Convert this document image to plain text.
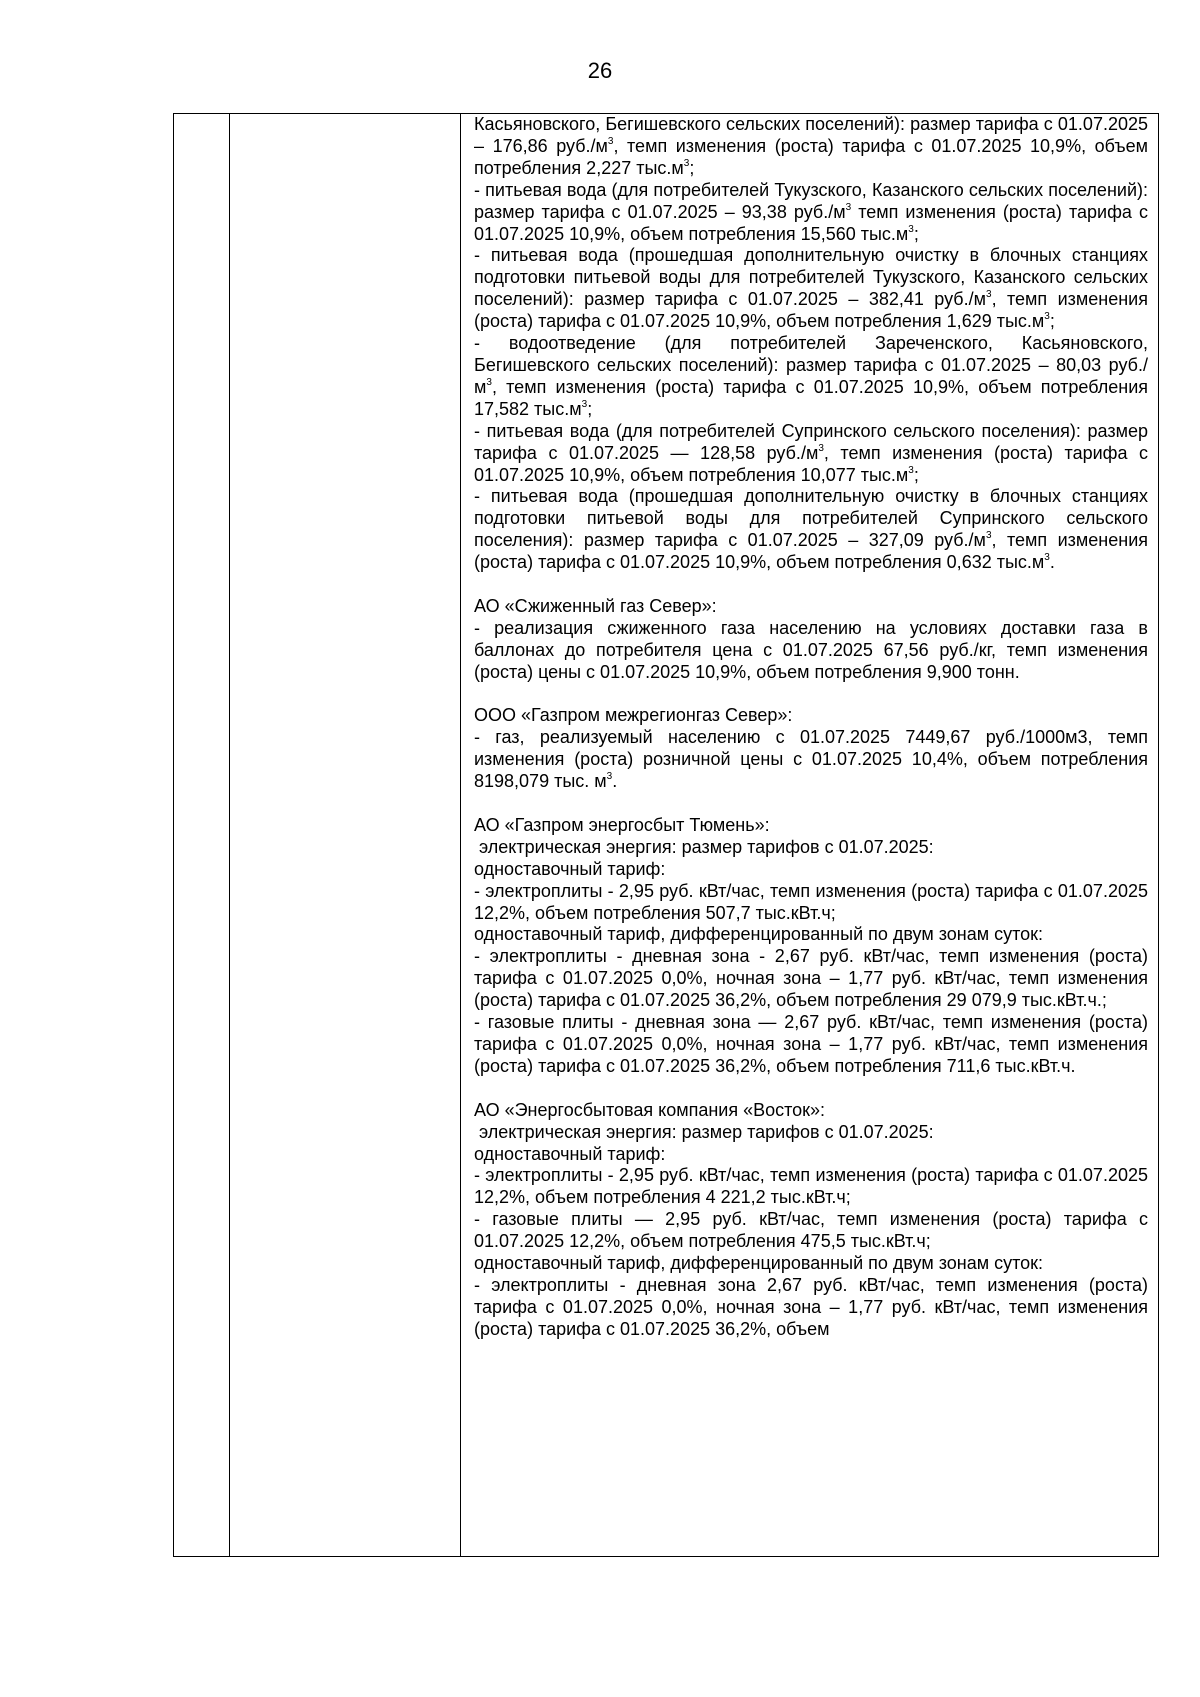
26
Касьяновского, Бегишевского сельских поселений): размер тарифа с 01.07.2025 – 176,86 $руб./м^3$, темп изменения (роста) тарифа с 01.07.2025 10,9%, объем потребления 2,227 $тыс.м^3$;
- питьевая вода (для потребителей Тукузского, Казанского сельских поселений): размер тарифа с 01.07.2025 – 93,38 $руб./м^3$ темп изменения (роста) тарифа с 01.07.2025 10,9%, объем потребления 15,560 $тыс.м^3$;
- питьевая вода (прошедшая дополнительную очистку в блочных станциях подготовки питьевой воды для потребителей Тукузского, Казанского сельских поселений): размер тарифа с 01.07.2025 – 382,41 $руб./м^3$, темп изменения (роста) тарифа с 01.07.2025 10,9%, объем потребления 1,629 $тыс.м^3$;
- водоотведение (для потребителей Зареченского, Касьяновского, Бегишевского сельских поселений): размер тарифа с 01.07.2025 – 80,03 $руб./м^3$, темп изменения (роста) тарифа с 01.07.2025 10,9%, объем потребления 17,582 $тыс.м^3$;
- питьевая вода (для потребителей Супринского сельского поселения): размер тарифа с 01.07.2025 — 128,58 $руб./м^3$, темп изменения (роста) тарифа с 01.07.2025 10,9%, объем потребления 10,077 $тыс.м^3$;
- питьевая вода (прошедшая дополнительную очистку в блочных станциях подготовки питьевой воды для потребителей Супринского сельского поселения): размер тарифа с 01.07.2025 – 327,09 $руб./м^3$, темп изменения (роста) тарифа с 01.07.2025 10,9%, объем потребления 0,632 $тыс.м^3$.
АО «Сжиженный газ Север»:
- реализация сжиженного газа населению на условиях доставки газа в баллонах до потребителя цена с 01.07.2025 67,56 руб./кг, темп изменения (роста) цены с 01.07.2025 10,9%, объем потребления 9,900 тонн.
ООО «Газпром межрегионгаз Север»:
- газ, реализуемый населению с 01.07.2025 7449,67 руб./1000м3, темп изменения (роста) розничной цены с 01.07.2025 10,4%, объем потребления 8198,079 тыс. $м^3$.
АО «Газпром энергосбыт Тюмень»:
электрическая энергия: размер тарифов с 01.07.2025:
одноставочный тариф:
- электроплиты - 2,95 руб. кВт/час, темп изменения (роста) тарифа с 01.07.2025 12,2%, объем потребления 507,7 тыс.кВт.ч;
одноставочный тариф, дифференцированный по двум зонам суток:
- электроплиты - дневная зона - 2,67 руб. кВт/час, темп изменения (роста) тарифа с 01.07.2025 0,0%, ночная зона – 1,77 руб. кВт/час, темп изменения (роста) тарифа с 01.07.2025 36,2%, объем потребления 29 079,9 тыс.кВт.ч.;
- газовые плиты - дневная зона — 2,67 руб. кВт/час, темп изменения (роста) тарифа с 01.07.2025 0,0%, ночная зона – 1,77 руб. кВт/час, темп изменения (роста) тарифа с 01.07.2025 36,2%, объем потребления 711,6 тыс.кВт.ч.
АО «Энергосбытовая компания «Восток»:
электрическая энергия: размер тарифов с 01.07.2025:
одноставочный тариф:
- электроплиты - 2,95 руб. кВт/час, темп изменения (роста) тарифа с 01.07.2025 12,2%, объем потребления 4 221,2 тыс.кВт.ч;
- газовые плиты — 2,95 руб. кВт/час, темп изменения (роста) тарифа с 01.07.2025 12,2%, объем потребления 475,5 тыс.кВт.ч;
одноставочный тариф, дифференцированный по двум зонам суток:
- электроплиты - дневная зона 2,67 руб. кВт/час, темп изменения (роста) тарифа с 01.07.2025 0,0%, ночная зона – 1,77 руб. кВт/час, темп изменения (роста) тарифа с 01.07.2025 36,2%, объем
